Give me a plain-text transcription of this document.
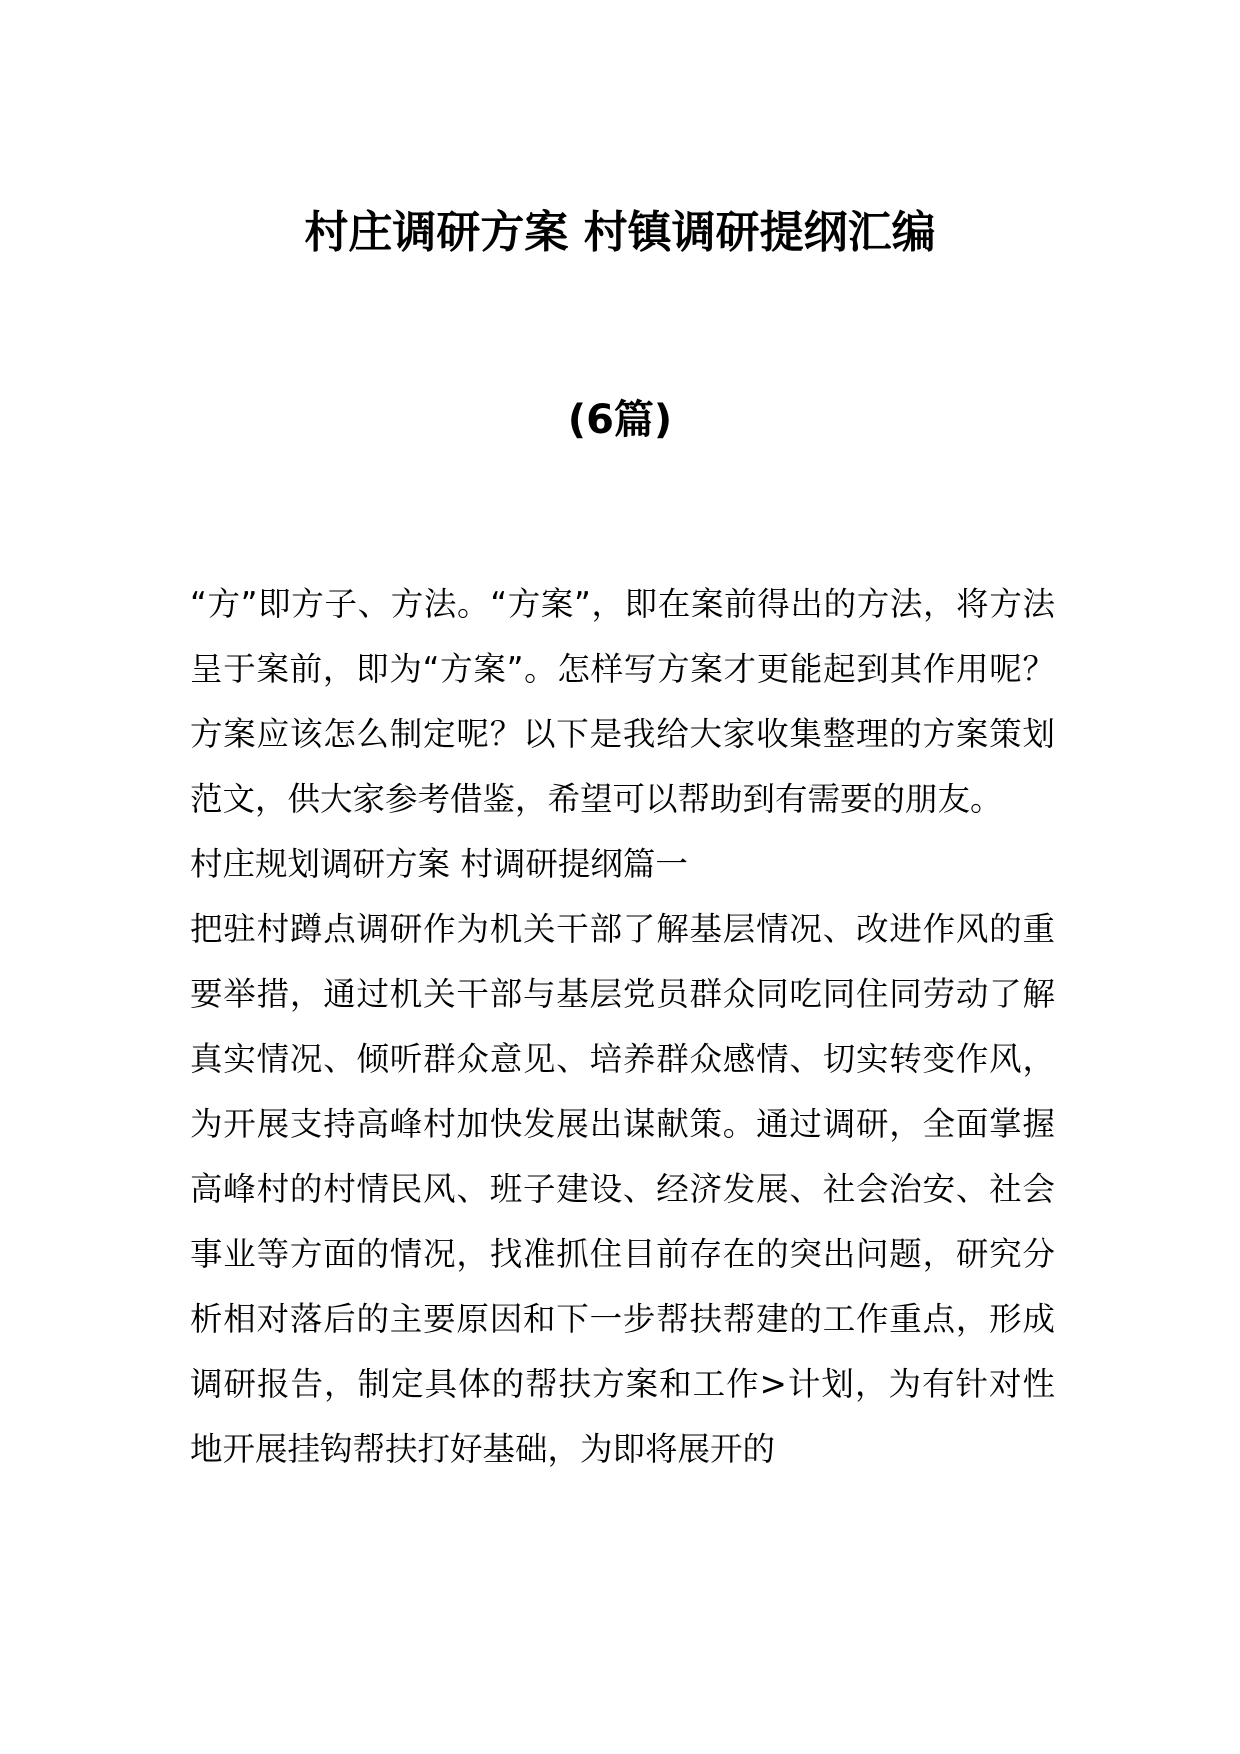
村庄调研方案 村镇调研提纲汇编
(6篇)

“方”即方子、方法。“方案”，即在案前得出的方法，将方法呈于案前，即为“方案”。怎样写方案才更能起到其作用呢？方案应该怎么制定呢？以下是我给大家收集整理的方案策划范文，供大家参考借鉴，希望可以帮助到有需要的朋友。

村庄规划调研方案 村调研提纲篇一

把驻村蹲点调研作为机关干部了解基层情况、改进作风的重要举措，通过机关干部与基层党员群众同吃同住同劳动了解真实情况、倾听群众意见、培养群众感情、切实转变作风，为开展支持高峰村加快发展出谋献策。通过调研，全面掌握高峰村的村情民风、班子建设、经济发展、社会治安、社会事业等方面的情况，找准抓住目前存在的突出问题，研究分析相对落后的主要原因和下一步帮扶帮建的工作重点，形成调研报告，制定具体的帮扶方案和工作>计划，为有针对性地开展挂钩帮扶打好基础，为即将展开的
